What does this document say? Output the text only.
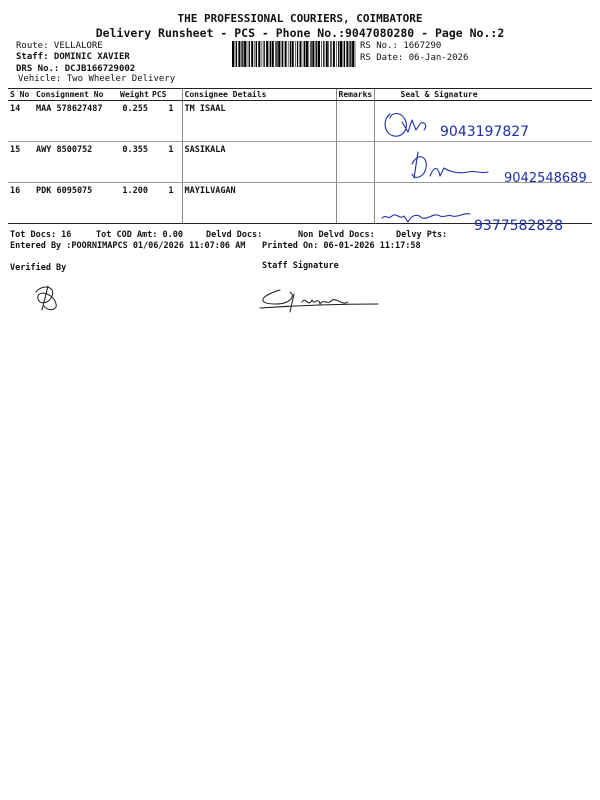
THE PROFESSIONAL COURIERS, COIMBATORE
Delivery Runsheet - PCS - Phone No.:9047080280 - Page No.:2
Route: VELLALORE
Staff: DOMINIC XAVIER
DRS No.: DCJB166729002
Vehicle: Two Wheeler Delivery
RS No.: 1667290
RS Date: 06-Jan-2026
S No	Consignment No	Weight	PCS	Consignee Details	Remarks	Seal & Signature
14	MAA 578627487	0.255	1	TM ISAAL		
15	AWY 8500752	0.355	1	SASIKALA		
16	PDK 6095075	1.200	1	MAYILVAGAN		
9043197827
9042548689
9377582828
Tot Docs: 16	Tot COD Amt: 0.00	Delvd Docs:	Non Delvd Docs: Delvy Pts:
Entered By :POORNIMAPCS 01/06/2026 11:07:06 AM Printed On: 06-01-2026 11:17:58
Verified By	Staff Signature
